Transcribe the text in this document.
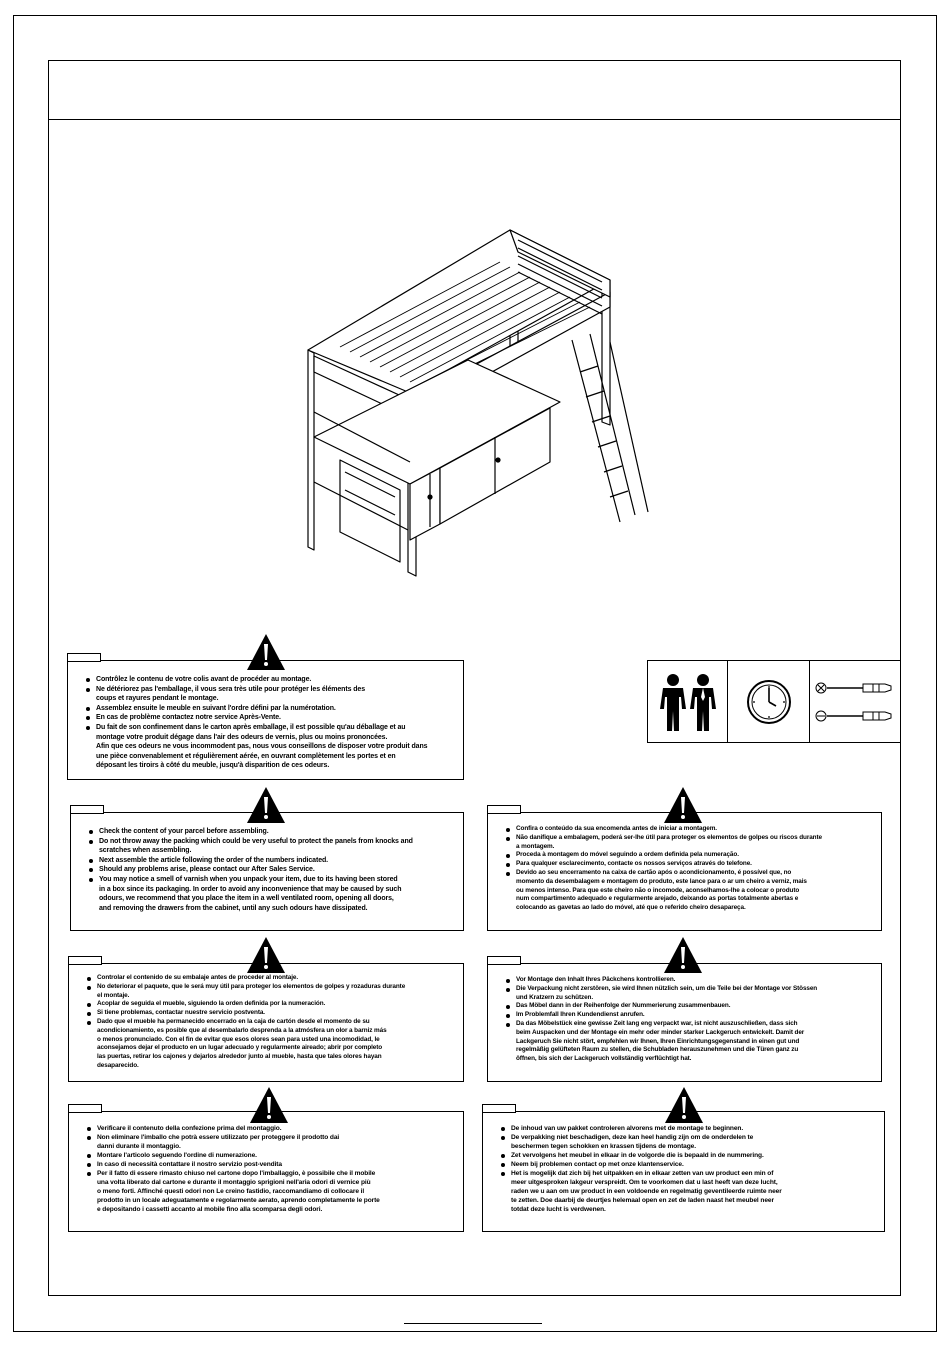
Contrôlez le contenu de votre colis avant de procéder au montage.
Ne détériorez pas l'emballage, il vous sera très utile pour protéger les éléments des
coups et rayures pendant le montage.
Assemblez ensuite le meuble en suivant l'ordre défini par la numérotation.
En cas de problème contactez notre service Après-Vente.
Du fait de son confinement dans le carton après emballage, il est possible qu'au déballage et au
montage votre produit dégage dans l'air des odeurs de vernis, plus ou moins prononcées.
Afin que ces odeurs ne vous incommodent pas, nous vous conseillons de disposer votre produit dans
une pièce convenablement et régulièrement aérée, en ouvrant complètement les portes et en
déposant les tiroirs à côté du meuble, jusqu'à disparition de ces odeurs.
Check the content of your parcel before assembling.
Do not throw away the packing which could be very useful to protect the panels from knocks and
scratches when assembling.
Next assemble the article following the order of the numbers indicated.
Should any problems arise, please contact our After Sales Service.
You may notice a smell of varnish when you unpack your item, due to its having been stored
in a box since its packaging. In order to avoid any inconvenience that may be caused by such
odours, we recommend that you place the item in a well ventilated room, opening all doors,
and removing the drawers from the cabinet, until any such odours have dissipated.
Confira o conteúdo da sua encomenda antes de iniciar a montagem.
Não danifique a embalagem, poderá ser-lhe útil para proteger os elementos de golpes ou riscos durante
a montagem.
Proceda à montagem do móvel seguindo a ordem definida pela numeração.
Para qualquer esclarecimento, contacte os nossos serviços através do telefone.
Devido ao seu encerramento na caixa de cartão após o acondicionamento, é possível que, no
momento da desembalagem e montagem do produto, este lance para o ar um cheiro a verniz, mais
ou menos intenso. Para que este cheiro não o incomode, aconselhamos-lhe a colocar o produto
num compartimento adequado e regularmente arejado, deixando as portas totalmente abertas e
colocando as gavetas ao lado do móvel, até que o referido cheiro desapareça.
Controlar el contenido de su embalaje antes de proceder al montaje.
No deteriorar el paquete, que le será muy útil para proteger los elementos de golpes y rozaduras durante
el montaje.
Acoplar de seguida el mueble, siguiendo la orden definida por la numeración.
Si tiene problemas, contactar nuestre servicio postventa.
Dado que el mueble ha permanecido encerrado en la caja de cartón desde el momento de su
acondicionamiento, es posible que al desembalarlo desprenda a la atmósfera un olor a barniz más
o menos pronunciado. Con el fin de evitar que esos olores sean para usted una incomodidad, le
aconsejamos dejar el producto en un lugar adecuado y regularmente aireado; abrir por completo
las puertas, retirar los cajones y dejarlos alrededor junto al mueble, hasta que tales olores hayan
desaparecido.
Vor Montage den Inhalt Ihres Päckchens kontrollieren.
Die Verpackung nicht zerstören, sie wird Ihnen nützlich sein, um die Teile bei der Montage vor Stössen
und Kratzern zu schützen.
Das Möbel dann in der Reihenfolge der Nummerierung zusammenbauen.
Im Problemfall Ihren Kundendienst anrufen.
Da das Möbelstück eine gewisse Zeit lang eng verpackt war, ist nicht auszuschließen, dass sich
beim Auspacken und der Montage ein mehr oder minder starker Lackgeruch entwickelt. Damit der
Lackgeruch Sie nicht stört, empfehlen wir Ihnen, Ihren Einrichtungsgegenstand in einen gut und
regelmäßig gelüfteten Raum zu stellen, die Schubladen herauszunehmen und die Türen ganz zu
öffnen, bis sich der Lackgeruch vollständig verflüchtigt hat.
Verificare il contenuto della confezione prima del montaggio.
Non eliminare l'imballo che potrà essere utilizzato per proteggere il prodotto dai
danni durante il montaggio.
Montare l'articolo seguendo l'ordine di numerazione.
In caso di necessità contattare il nostro servizio post-vendita
Per il fatto di essere rimasto chiuso nel cartone dopo l'imballaggio, è possibile che il mobile
una volta liberato dal cartone e durante il montaggio sprigioni nell'aria odori di vernice più
o meno forti. Affinché questi odori non Le creino fastidio, raccomandiamo di collocare il
prodotto in un locale adeguatamente e regolarmente aerato, aprendo completamente le porte
e depositando i cassetti accanto al mobile fino alla scomparsa degli odori.
De inhoud van uw pakket controleren alvorens met de montage te beginnen.
De verpakking niet beschadigen, deze kan heel handig zijn om de onderdelen te
beschermen tegen schokken en krassen tijdens de montage.
Zet vervolgens het meubel in elkaar in de volgorde die is bepaald in de nummering.
Neem bij problemen contact op met onze klantenservice.
Het is mogelijk dat zich bij het uitpakken en in elkaar zetten van uw product een min of
meer uitgesproken lakgeur verspreidt. Om te voorkomen dat u last heeft van deze lucht,
raden we u aan om uw product in een voldoende en regelmatig geventileerde ruimte neer
te zetten. Doe daarbij de deurtjes helemaal open en zet de laden naast het meubel neer
totdat deze lucht is verdwenen.
